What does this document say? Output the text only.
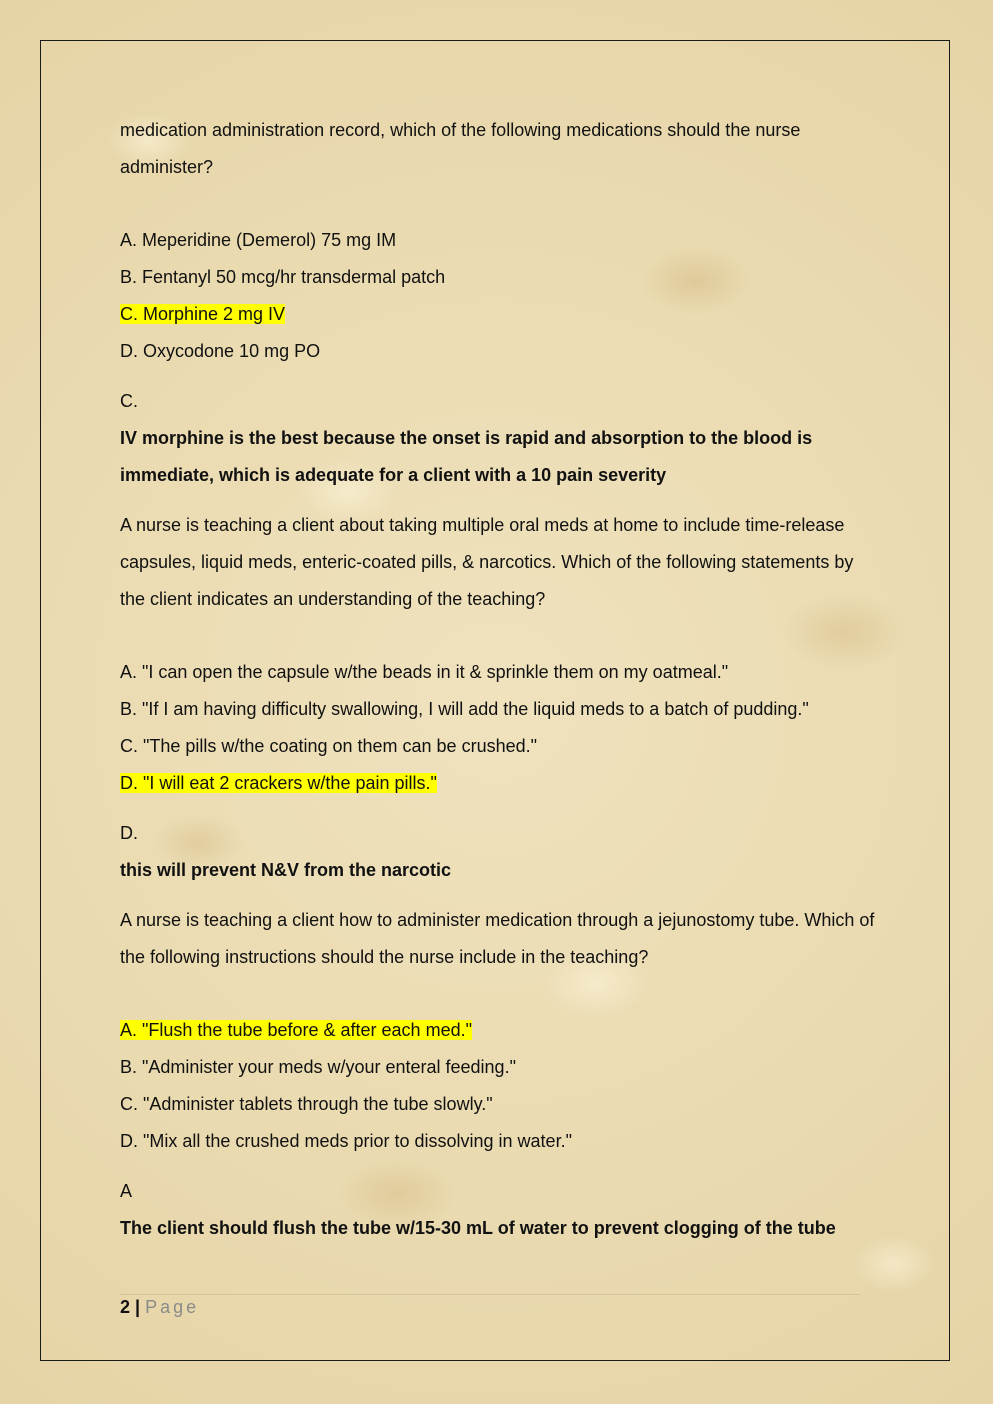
medication administration record, which of the following medications should the nurse administer?

A. Meperidine (Demerol) 75 mg IM

B. Fentanyl 50 mcg/hr transdermal patch

C. Morphine 2 mg IV

D. Oxycodone 10 mg PO

C.

IV morphine is the best because the onset is rapid and absorption to the blood is immediate, which is adequate for a client with a 10 pain severity

A nurse is teaching a client about taking multiple oral meds at home to include time-release capsules, liquid meds, enteric-coated pills, & narcotics. Which of the following statements by the client indicates an understanding of the teaching?

A. "I can open the capsule w/the beads in it & sprinkle them on my oatmeal."

B. "If I am having difficulty swallowing, I will add the liquid meds to a batch of pudding."

C. "The pills w/the coating on them can be crushed."

D. "I will eat 2 crackers w/the pain pills."

D.

this will prevent N&V from the narcotic

A nurse is teaching a client how to administer medication through a jejunostomy tube. Which of the following instructions should the nurse include in the teaching?

A. "Flush the tube before & after each med."

B. "Administer your meds w/your enteral feeding."

C. "Administer tablets through the tube slowly."

D. "Mix all the crushed meds prior to dissolving in water."

A

The client should flush the tube w/15-30 mL of water to prevent clogging of the tube

2 | Page
